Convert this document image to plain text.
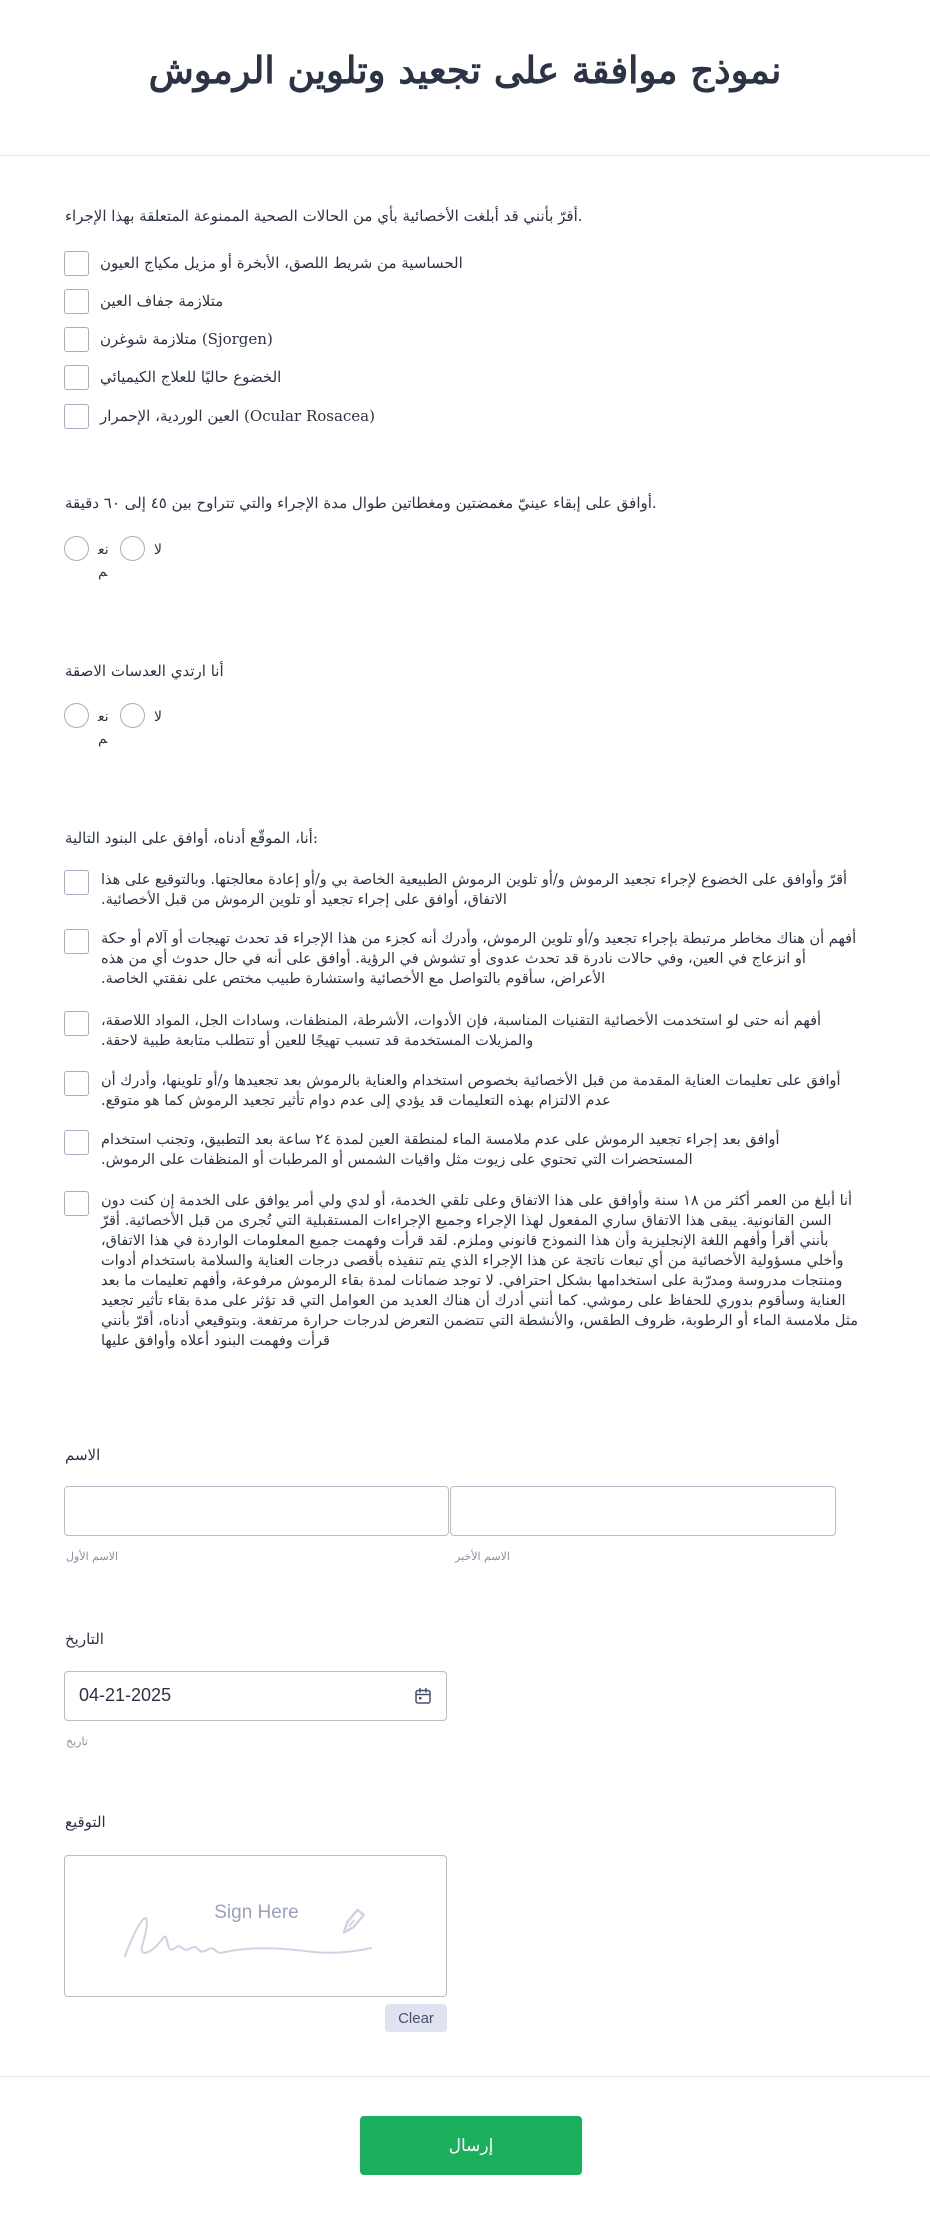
نموذج موافقة على تجعيد وتلوين الرموش
أقرّ بأنني قد أبلغت الأخصائية بأي من الحالات الصحية الممنوعة المتعلقة بهذا الإجراء.
الحساسية من شريط اللصق، الأبخرة أو مزيل مكياج العيون
متلازمة جفاف العين
متلازمة شوغرن (Sjorgen)
الخضوع حاليًا للعلاج الكيميائي
العين الوردية، الإحمرار (Ocular Rosacea)
أوافق على إبقاء عينيّ مغمضتين ومغطاتين طوال مدة الإجراء والتي تتراوح بين ٤٥ إلى ٦٠ دقيقة.
نعم
لا
أنا ارتدي العدسات الاصقة
نعم
لا
أنا، الموقّع أدناه، أوافق على البنود التالية:
أقرّ وأوافق على الخضوع لإجراء تجعيد الرموش و/أو تلوين الرموش الطبيعية الخاصة بي و/أو إعادة معالجتها. وبالتوقيع على هذا الاتفاق، أوافق على إجراء تجعيد أو تلوين الرموش من قبل الأخصائية.
أفهم أن هناك مخاطر مرتبطة بإجراء تجعيد و/أو تلوين الرموش، وأدرك أنه كجزء من هذا الإجراء قد تحدث تهيجات أو آلام أو حكة أو انزعاج في العين، وفي حالات نادرة قد تحدث عدوى أو تشوش في الرؤية. أوافق على أنه في حال حدوث أي من هذه الأعراض، سأقوم بالتواصل مع الأخصائية واستشارة طبيب مختص على نفقتي الخاصة.
أفهم أنه حتى لو استخدمت الأخصائية التقنيات المناسبة، فإن الأدوات، الأشرطة، المنظفات، وسادات الجل، المواد اللاصقة، والمزيلات المستخدمة قد تسبب تهيجًا للعين أو تتطلب متابعة طبية لاحقة.
أوافق على تعليمات العناية المقدمة من قبل الأخصائية بخصوص استخدام والعناية بالرموش بعد تجعيدها و/أو تلوينها، وأدرك أن عدم الالتزام بهذه التعليمات قد يؤدي إلى عدم دوام تأثير تجعيد الرموش كما هو متوقع.
أوافق بعد إجراء تجعيد الرموش على عدم ملامسة الماء لمنطقة العين لمدة ٢٤ ساعة بعد التطبيق، وتجنب استخدام المستحضرات التي تحتوي على زيوت مثل واقيات الشمس أو المرطبات أو المنظفات على الرموش.
أنا أبلغ من العمر أكثر من ١٨ سنة وأوافق على هذا الاتفاق وعلى تلقي الخدمة، أو لدي ولي أمر يوافق على الخدمة إن كنت دون السن القانونية. يبقى هذا الاتفاق ساري المفعول لهذا الإجراء وجميع الإجراءات المستقبلية التي تُجرى من قبل الأخصائية. أقرّ بأنني أقرأ وأفهم اللغة الإنجليزية وأن هذا النموذج قانوني وملزم. لقد قرأت وفهمت جميع المعلومات الواردة في هذا الاتفاق، وأخلي مسؤولية الأخصائية من أي تبعات ناتجة عن هذا الإجراء الذي يتم تنفيذه بأقصى درجات العناية والسلامة باستخدام أدوات ومنتجات مدروسة ومدرّبة على استخدامها بشكل احترافي. لا توجد ضمانات لمدة بقاء الرموش مرفوعة، وأفهم تعليمات ما بعد العناية وسأقوم بدوري للحفاظ على رموشي. كما أنني أدرك أن هناك العديد من العوامل التي قد تؤثر على مدة بقاء تأثير تجعيد مثل ملامسة الماء أو الرطوبة، ظروف الطقس، والأنشطة التي تتضمن التعرض لدرجات حرارة مرتفعة. وبتوقيعي أدناه، أقرّ بأنني قرأت وفهمت البنود أعلاه وأوافق عليها
الاسم
الاسم الأول	الاسم الأخير
التاريخ
04-21-2025
تاريخ
التوقيع
Sign Here
Clear
إرسال
